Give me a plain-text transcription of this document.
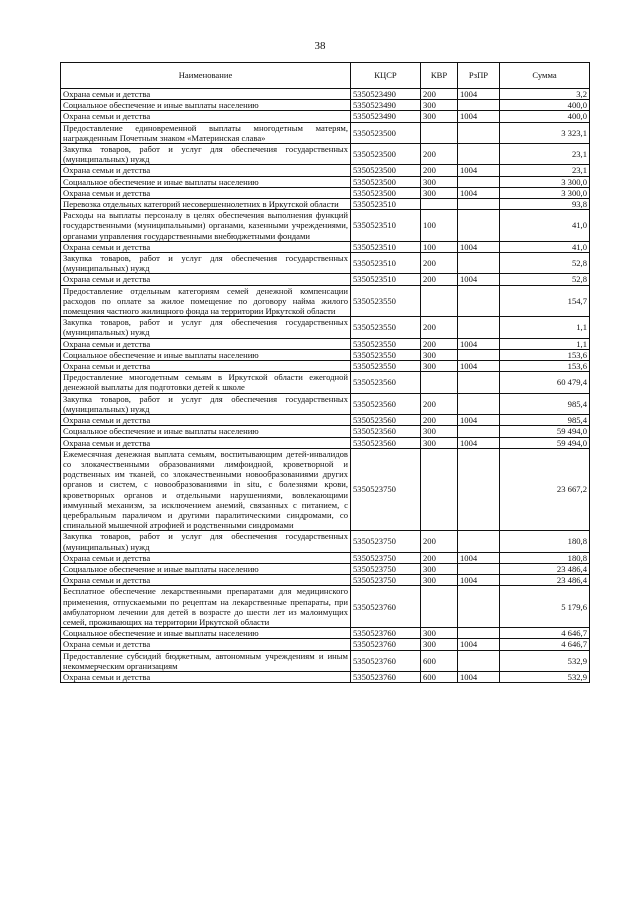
38
Наименование	КЦСР	КВР	РзПР	Сумма
Охрана семьи и детства	5350523490	200	1004	3,2
Социальное обеспечение и иные выплаты населению	5350523490	300		400,0
Охрана семьи и детства	5350523490	300	1004	400,0
Предоставление единовременной выплаты многодетным матерям, награжденным Почетным знаком «Материнская слава»	5350523500			3 323,1
Закупка товаров, работ и услуг для обеспечения государственных (муниципальных) нужд	5350523500	200		23,1
Охрана семьи и детства	5350523500	200	1004	23,1
Социальное обеспечение и иные выплаты населению	5350523500	300		3 300,0
Охрана семьи и детства	5350523500	300	1004	3 300,0
Перевозка отдельных категорий несовершеннолетних в Иркутской области	5350523510			93,8
Расходы на выплаты персоналу в целях обеспечения выполнения функций государственными (муниципальными) органами, казенными учреждениями, органами управления государственными внебюджетными фондами	5350523510	100		41,0
Охрана семьи и детства	5350523510	100	1004	41,0
Закупка товаров, работ и услуг для обеспечения государственных (муниципальных) нужд	5350523510	200		52,8
Охрана семьи и детства	5350523510	200	1004	52,8
Предоставление отдельным категориям семей денежной компенсации расходов по оплате за жилое помещение по договору найма жилого помещения частного жилищного фонда на территории Иркутской области	5350523550			154,7
Закупка товаров, работ и услуг для обеспечения государственных (муниципальных) нужд	5350523550	200		1,1
Охрана семьи и детства	5350523550	200	1004	1,1
Социальное обеспечение и иные выплаты населению	5350523550	300		153,6
Охрана семьи и детства	5350523550	300	1004	153,6
Предоставление многодетным семьям в Иркутской области ежегодной денежной выплаты для подготовки детей к школе	5350523560			60 479,4
Закупка товаров, работ и услуг для обеспечения государственных (муниципальных) нужд	5350523560	200		985,4
Охрана семьи и детства	5350523560	200	1004	985,4
Социальное обеспечение и иные выплаты населению	5350523560	300		59 494,0
Охрана семьи и детства	5350523560	300	1004	59 494,0
Ежемесячная денежная выплата семьям, воспитывающим детей-инвалидов со злокачественными образованиями лимфоидной, кроветворной и родственных им тканей, со злокачественными новообразованиями других органов и систем, с новообразованиями in situ, с болезнями крови, кроветворных органов и отдельными нарушениями, вовлекающими иммунный механизм, за исключением анемий, связанных с питанием, с церебральным параличом и другими паралитическими синдромами, со спинальной мышечной атрофией и родственными синдромами	5350523750			23 667,2
Закупка товаров, работ и услуг для обеспечения государственных (муниципальных) нужд	5350523750	200		180,8
Охрана семьи и детства	5350523750	200	1004	180,8
Социальное обеспечение и иные выплаты населению	5350523750	300		23 486,4
Охрана семьи и детства	5350523750	300	1004	23 486,4
Бесплатное обеспечение лекарственными препаратами для медицинского применения, отпускаемыми по рецептам на лекарственные препараты, при амбулаторном лечении для детей в возрасте до шести лет из малоимущих семей, проживающих на территории Иркутской области	5350523760			5 179,6
Социальное обеспечение и иные выплаты населению	5350523760	300		4 646,7
Охрана семьи и детства	5350523760	300	1004	4 646,7
Предоставление субсидий бюджетным, автономным учреждениям и иным некоммерческим организациям	5350523760	600		532,9
Охрана семьи и детства	5350523760	600	1004	532,9
